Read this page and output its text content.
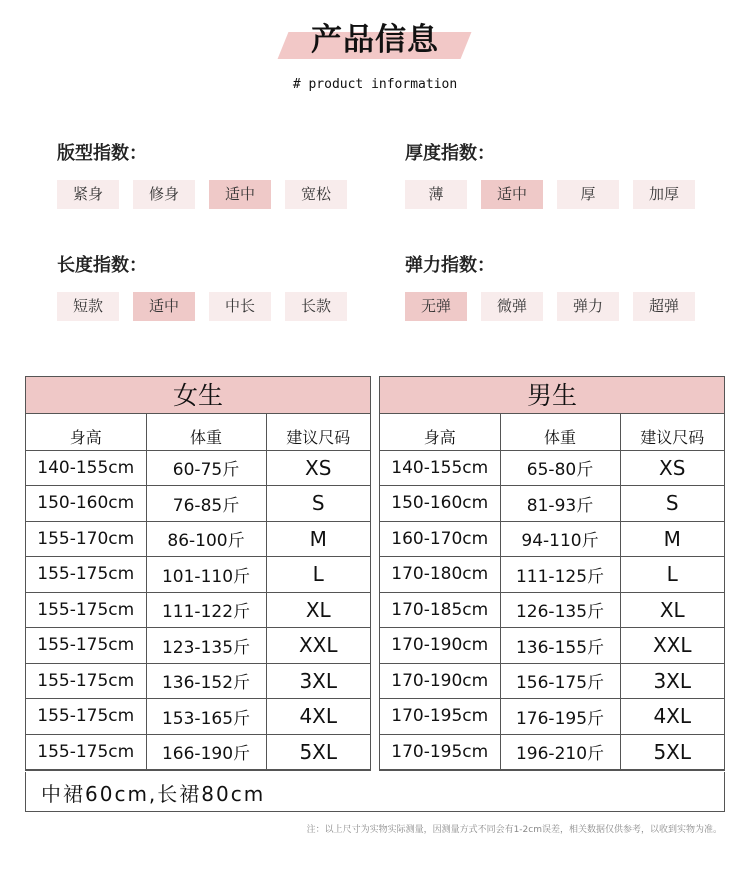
产品信息
# product information
版型指数：
紧身	修身	适中	宽松
厚度指数：
薄	适中	厚	加厚
长度指数：
短款	适中	中长	长款
弹力指数：
无弹	微弹	弹力	超弹
女生
身高	体重	建议尺码
140-155cm	60-75斤	XS
150-160cm	76-85斤	S
155-170cm	86-100斤	M
155-175cm	101-110斤	L
155-175cm	111-122斤	XL
155-175cm	123-135斤	XXL
155-175cm	136-152斤	3XL
155-175cm	153-165斤	4XL
155-175cm	166-190斤	5XL
男生
身高	体重	建议尺码
140-155cm	65-80斤	XS
150-160cm	81-93斤	S
160-170cm	94-110斤	M
170-180cm	111-125斤	L
170-185cm	126-135斤	XL
170-190cm	136-155斤	XXL
170-190cm	156-175斤	3XL
170-195cm	176-195斤	4XL
170-195cm	196-210斤	5XL
中裙60cm,长裙80cm
注：以上尺寸为实物实际测量，因测量方式不同会有1-2cm误差，相关数据仅供参考，以收到实物为准。
